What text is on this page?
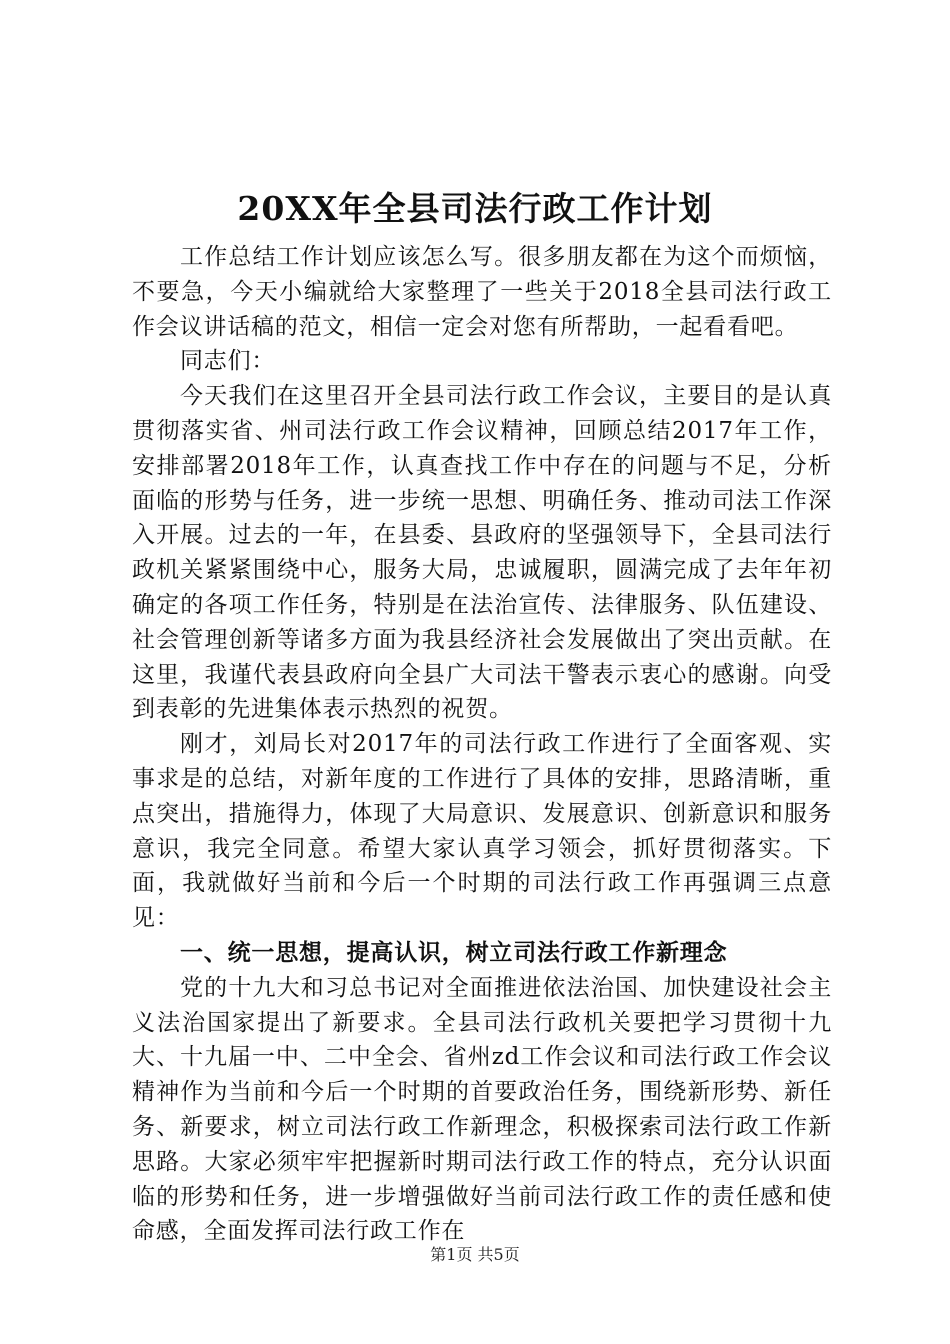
20XX年全县司法行政工作计划

工作总结工作计划应该怎么写。很多朋友都在为这个而烦恼，不要急，今天小编就给大家整理了一些关于2018全县司法行政工作会议讲话稿的范文，相信一定会对您有所帮助，一起看看吧。

同志们：

今天我们在这里召开全县司法行政工作会议，主要目的是认真贯彻落实省、州司法行政工作会议精神，回顾总结2017年工作，安排部署2018年工作，认真查找工作中存在的问题与不足，分析面临的形势与任务，进一步统一思想、明确任务、推动司法工作深入开展。过去的一年，在县委、县政府的坚强领导下，全县司法行政机关紧紧围绕中心，服务大局，忠诚履职，圆满完成了去年年初确定的各项工作任务，特别是在法治宣传、法律服务、队伍建设、社会管理创新等诸多方面为我县经济社会发展做出了突出贡献。在这里，我谨代表县政府向全县广大司法干警表示衷心的感谢。向受到表彰的先进集体表示热烈的祝贺。

刚才，刘局长对2017年的司法行政工作进行了全面客观、实事求是的总结，对新年度的工作进行了具体的安排，思路清晰，重点突出，措施得力，体现了大局意识、发展意识、创新意识和服务意识，我完全同意。希望大家认真学习领会，抓好贯彻落实。下面，我就做好当前和今后一个时期的司法行政工作再强调三点意见：

一、统一思想，提高认识，树立司法行政工作新理念

党的十九大和习总书记对全面推进依法治国、加快建设社会主义法治国家提出了新要求。全县司法行政机关要把学习贯彻十九大、十九届一中、二中全会、省州zd工作会议和司法行政工作会议精神作为当前和今后一个时期的首要政治任务，围绕新形势、新任务、新要求，树立司法行政工作新理念，积极探索司法行政工作新思路。大家必须牢牢把握新时期司法行政工作的特点，充分认识面临的形势和任务，进一步增强做好当前司法行政工作的责任感和使命感，全面发挥司法行政工作在

第1页 共5页
